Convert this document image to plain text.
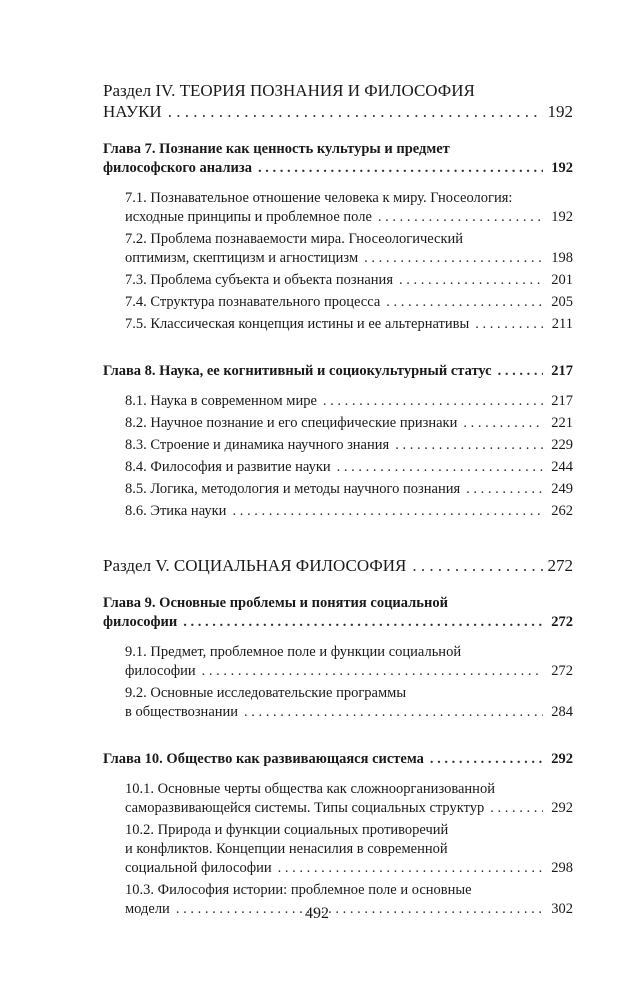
Раздел IV. ТЕОРИЯ ПОЗНАНИЯ И ФИЛОСОФИЯ
НАУКИ . . .	192
Глава 7. Познание как ценность культуры и предмет
философского анализа . . .	192
7.1. Познавательное отношение человека к миру. Гносеология:
исходные принципы и проблемное поле . . .	192
7.2. Проблема познаваемости мира. Гносеологический
оптимизм, скептицизм и агностицизм . . .	198
7.3. Проблема субъекта и объекта познания . . .	201
7.4. Структура познавательного процесса . . .	205
7.5. Классическая концепция истины и ее альтернативы . . .	211
Глава 8. Наука, ее когнитивный и социокультурный статус . . .	217
8.1. Наука в современном мире . . .	217
8.2. Научное познание и его специфические признаки . . .	221
8.3. Строение и динамика научного знания . . .	229
8.4. Философия и развитие науки . . .	244
8.5. Логика, методология и методы научного познания . . .	249
8.6. Этика науки . . .	262
Раздел V. СОЦИАЛЬНАЯ ФИЛОСОФИЯ . . .	272
Глава 9. Основные проблемы и понятия социальной
философии . . .	272
9.1. Предмет, проблемное поле и функции социальной
философии . . .	272
9.2. Основные исследовательские программы
в обществознании . . .	284
Глава 10. Общество как развивающаяся система . . .	292
10.1. Основные черты общества как сложноорганизованной
саморазвивающейся системы. Типы социальных структур . . .	292
10.2. Природа и функции социальных противоречий
и конфликтов. Концепции ненасилия в современной
социальной философии . . .	298
10.3. Философия истории: проблемное поле и основные
модели . . .	302
492
